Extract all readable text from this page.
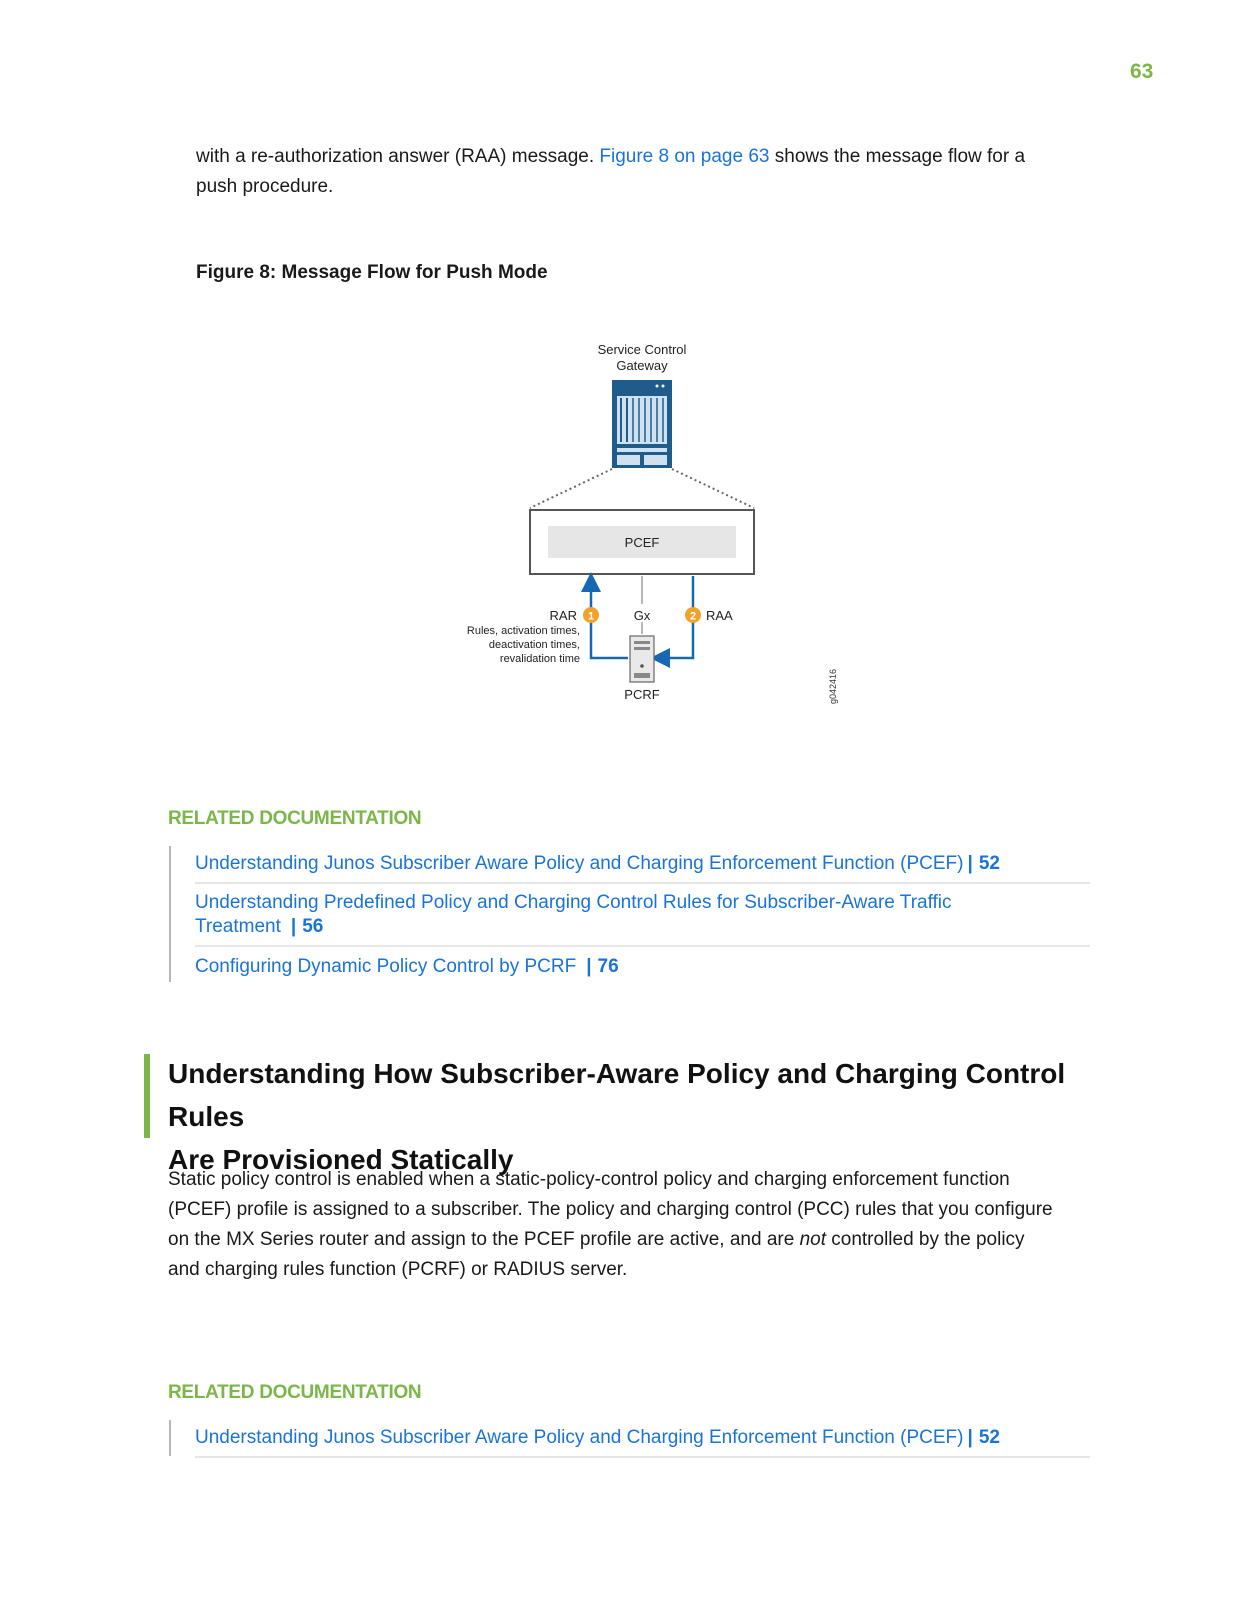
63
with a re-authorization answer (RAA) message. Figure 8 on page 63 shows the message flow for a
push procedure.
Figure 8: Message Flow for Push Mode
Service Control
Gateway
PCEF
RAR 1	Gx	2 RAA
Rules, activation times,
deactivation times,
revalidation time
PCRF	g042416
RELATED DOCUMENTATION
Understanding Junos Subscriber Aware Policy and Charging Enforcement Function (PCEF) | 52
Understanding Predefined Policy and Charging Control Rules for Subscriber-Aware Traffic
Treatment | 56
Configuring Dynamic Policy Control by PCRF | 76
Understanding How Subscriber-Aware Policy and Charging Control Rules
Are Provisioned Statically
Static policy control is enabled when a static-policy-control policy and charging enforcement function
(PCEF) profile is assigned to a subscriber. The policy and charging control (PCC) rules that you configure
on the MX Series router and assign to the PCEF profile are active, and are not controlled by the policy
and charging rules function (PCRF) or RADIUS server.
RELATED DOCUMENTATION
Understanding Junos Subscriber Aware Policy and Charging Enforcement Function (PCEF) | 52
